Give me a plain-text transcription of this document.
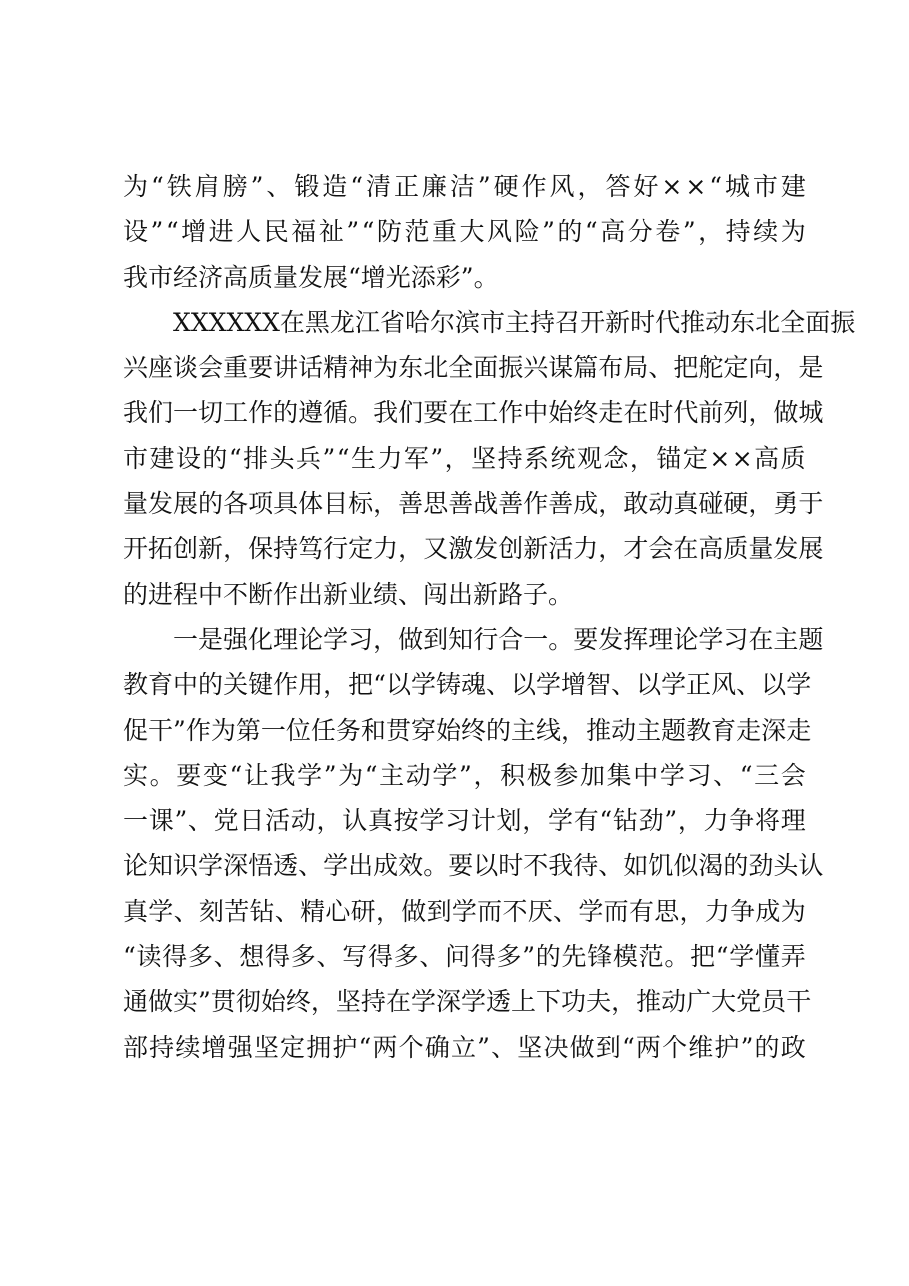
为 “ 铁 肩 膀 ” 、 锻 造 “ 清 正 廉 洁 ” 硬 作 风 ， 答 好 × × “ 城 市 建
设 ” “ 增 进 人 民 福 祉 ” “ 防 范 重 大 风 险 ” 的 “ 高 分 卷 ” ， 持 续 为
我市经济高质量发展“增光添彩”。
X X X X X X 在 黑 龙 江 省 哈 尔 滨 市 主 持 召 开 新 时 代 推 动 东 北 全 面 振
兴 座 谈 会 重 要 讲 话 精 神 为 东 北 全 面 振 兴 谋 篇 布 局 、 把 舵 定 向 ， 是
我 们 一 切 工 作 的 遵 循 。 我 们 要 在 工 作 中 始 终 走 在 时 代 前 列 ， 做 城
市 建 设 的 “ 排 头 兵 ” “ 生 力 军 ” ， 坚 持 系 统 观 念 ， 锚 定 × × 高 质
量 发 展 的 各 项 具 体 目 标 ， 善 思 善 战 善 作 善 成 ， 敢 动 真 碰 硬 ， 勇 于
开 拓 创 新 ， 保 持 笃 行 定 力 ， 又 激 发 创 新 活 力 ， 才 会 在 高 质 量 发 展
的进程中不断作出新业绩、闯出新路子。
一 是 强 化 理 论 学 习 ， 做 到 知 行 合 一 。 要 发 挥 理 论 学 习 在 主 题
教 育 中 的 关 键 作 用 ， 把 “ 以 学 铸 魂 、 以 学 增 智 、 以 学 正 风 、 以 学
促 干 ” 作 为 第 一 位 任 务 和 贯 穿 始 终 的 主 线 ， 推 动 主 题 教 育 走 深 走
实 。 要 变 “ 让 我 学 ” 为 “ 主 动 学 ” ， 积 极 参 加 集 中 学 习 、 “ 三 会
一 课 ” 、 党 日 活 动 ， 认 真 按 学 习 计 划 ， 学 有 “ 钻 劲 ” ， 力 争 将 理
论 知 识 学 深 悟 透 、 学 出 成 效 。 要 以 时 不 我 待 、 如 饥 似 渴 的 劲 头 认
真 学 、 刻 苦 钻 、 精 心 研 ， 做 到 学 而 不 厌 、 学 而 有 思 ， 力 争 成 为
“ 读 得 多 、 想 得 多 、 写 得 多 、 问 得 多 ” 的 先 锋 模 范 。 把 “ 学 懂 弄
通 做 实 ” 贯 彻 始 终 ， 坚 持 在 学 深 学 透 上 下 功 夫 ， 推 动 广 大 党 员 干
部 持 续 增 强 坚 定 拥 护 “ 两 个 确 立 ” 、 坚 决 做 到 “ 两 个 维 护 ” 的 政
